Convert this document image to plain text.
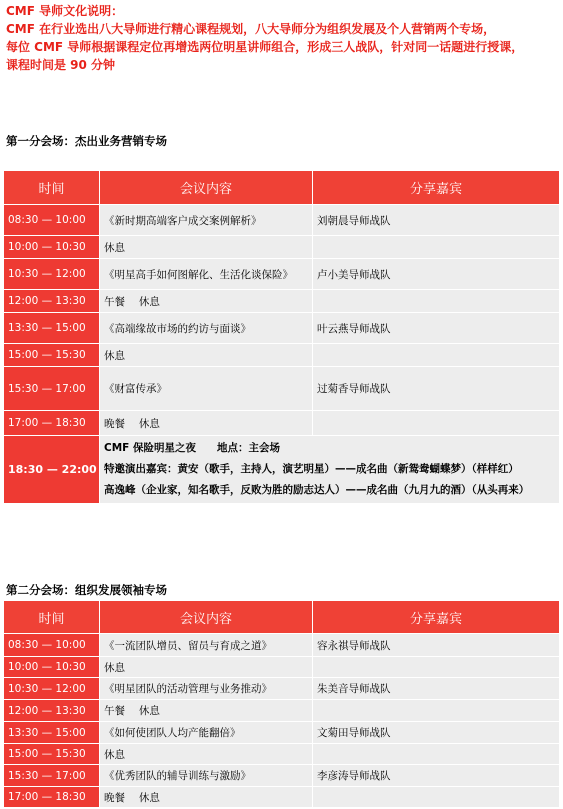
CMF 导师文化说明：
CMF 在行业选出八大导师进行精心课程规划，八大导师分为组织发展及个人营销两个专场，
每位 CMF 导师根据课程定位再增选两位明星讲师组合，形成三人战队，针对同一话题进行授课，
课程时间是 90 分钟
第一分会场：杰出业务营销专场
时间	会议内容	分享嘉宾
08:30 — 10:00	《新时期高端客户成交案例解析》	刘朝晨导师战队
10:00 — 10:30	休息	
10:30 — 12:00	《明星高手如何图解化、生活化谈保险》	卢小美导师战队
12:00 — 13:30	午餐　 休息	
13:30 — 15:00	《高端缘故市场的约访与面谈》	叶云燕导师战队
15:00 — 15:30	休息	
15:30 — 17:00	《财富传承》	过菊香导师战队
17:00 — 18:30	晚餐　 休息	
18:30 — 22:00	CMF 保险明星之夜　　地点：主会场
特邀演出嘉宾：黄安（歌手，主持人，演艺明星）——成名曲（新鸳鸯蝴蝶梦）（样样红）
高逸峰（企业家，知名歌手，反败为胜的励志达人）——成名曲（九月九的酒）（从头再来）	
第二分会场：组织发展领袖专场
时间	会议内容	分享嘉宾
08:30 — 10:00	《一流团队增员、留员与育成之道》	容永祺导师战队
10:00 — 10:30	休息	
10:30 — 12:00	《明星团队的活动管理与业务推动》	朱美音导师战队
12:00 — 13:30	午餐　 休息	
13:30 — 15:00	《如何使团队人均产能翻倍》	文菊田导师战队
15:00 — 15:30	休息	
15:30 — 17:00	《优秀团队的辅导训练与激励》	李彦涛导师战队
17:00 — 18:30	晚餐　 休息	
